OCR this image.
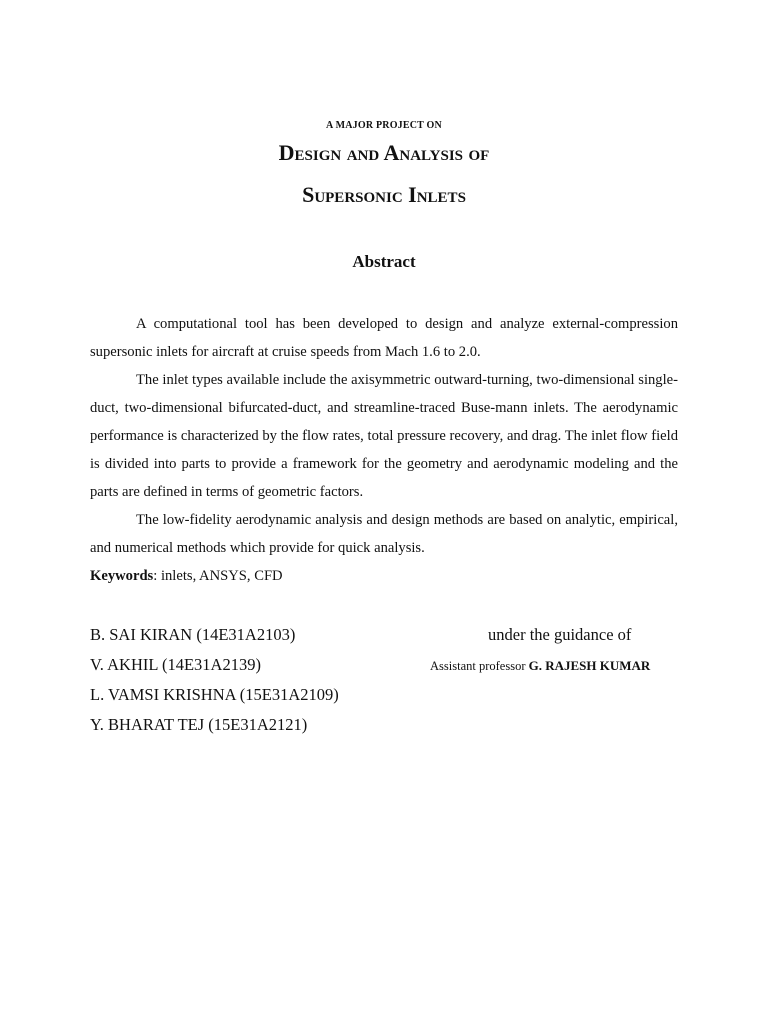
A MAJOR PROJECT ON
Design and Analysis of
Supersonic Inlets
Abstract

A computational tool has been developed to design and analyze external-compression supersonic inlets for aircraft at cruise speeds from Mach 1.6 to 2.0.

The inlet types available include the axisymmetric outward-turning, two-dimensional single-duct, two-dimensional bifurcated-duct, and streamline-traced Buse-mann inlets. The aerodynamic performance is characterized by the flow rates, total pressure recovery, and drag. The inlet flow field is divided into parts to provide a framework for the geometry and aerodynamic modeling and the parts are defined in terms of geometric factors.

The low-fidelity aerodynamic analysis and design methods are based on analytic, empirical, and numerical methods which provide for quick analysis.

Keywords: inlets, ANSYS, CFD
B. SAI KIRAN (14E31A2103)
V. AKHIL (14E31A2139)
L. VAMSI KRISHNA (15E31A2109)
Y. BHARAT TEJ (15E31A2121)
under the guidance of
Assistant professor G. RAJESH KUMAR
